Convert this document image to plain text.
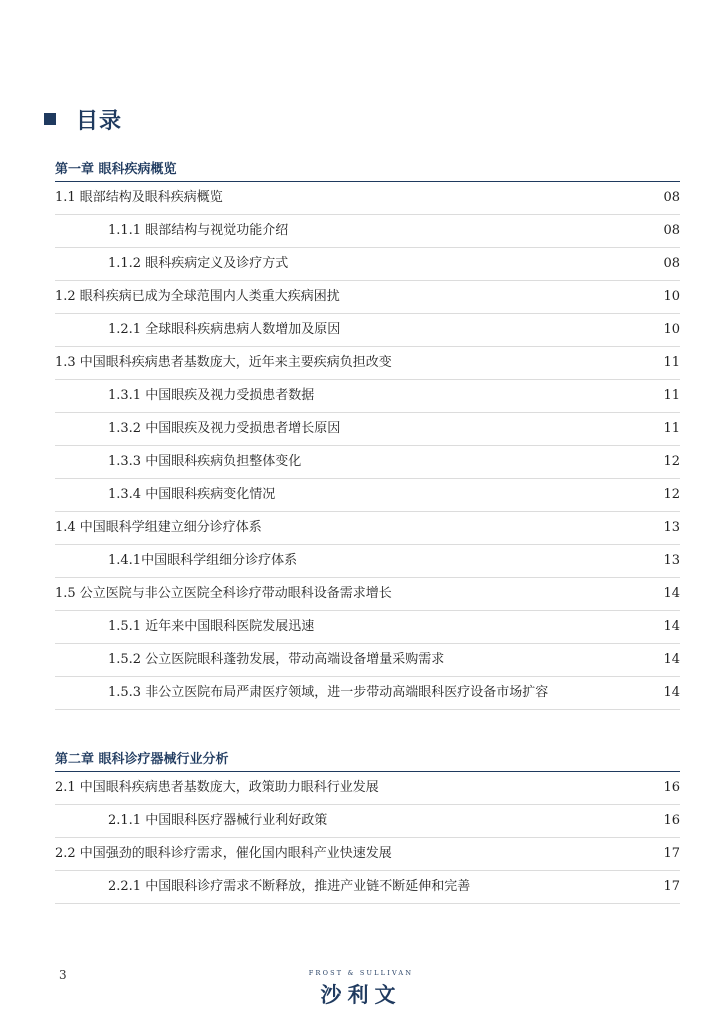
目录
第一章 眼科疾病概览
1.1 眼部结构及眼科疾病概览	08
1.1.1 眼部结构与视觉功能介绍	08
1.1.2 眼科疾病定义及诊疗方式	08
1.2 眼科疾病已成为全球范围内人类重大疾病困扰	10
1.2.1 全球眼科疾病患病人数增加及原因	10
1.3 中国眼科疾病患者基数庞大，近年来主要疾病负担改变	11
1.3.1 中国眼疾及视力受损患者数据	11
1.3.2 中国眼疾及视力受损患者增长原因	11
1.3.3 中国眼科疾病负担整体变化	12
1.3.4 中国眼科疾病变化情况	12
1.4 中国眼科学组建立细分诊疗体系	13
1.4.1中国眼科学组细分诊疗体系	13
1.5 公立医院与非公立医院全科诊疗带动眼科设备需求增长	14
1.5.1 近年来中国眼科医院发展迅速	14
1.5.2 公立医院眼科蓬勃发展，带动高端设备增量采购需求	14
1.5.3 非公立医院布局严肃医疗领域，进一步带动高端眼科医疗设备市场扩容	14
第二章 眼科诊疗器械行业分析
2.1 中国眼科疾病患者基数庞大，政策助力眼科行业发展	16
2.1.1 中国眼科医疗器械行业利好政策	16
2.2 中国强劲的眼科诊疗需求，催化国内眼科产业快速发展	17
2.2.1 中国眼科诊疗需求不断释放，推进产业链不断延伸和完善	17
3	FROST & SULLIVAN
沙利文
